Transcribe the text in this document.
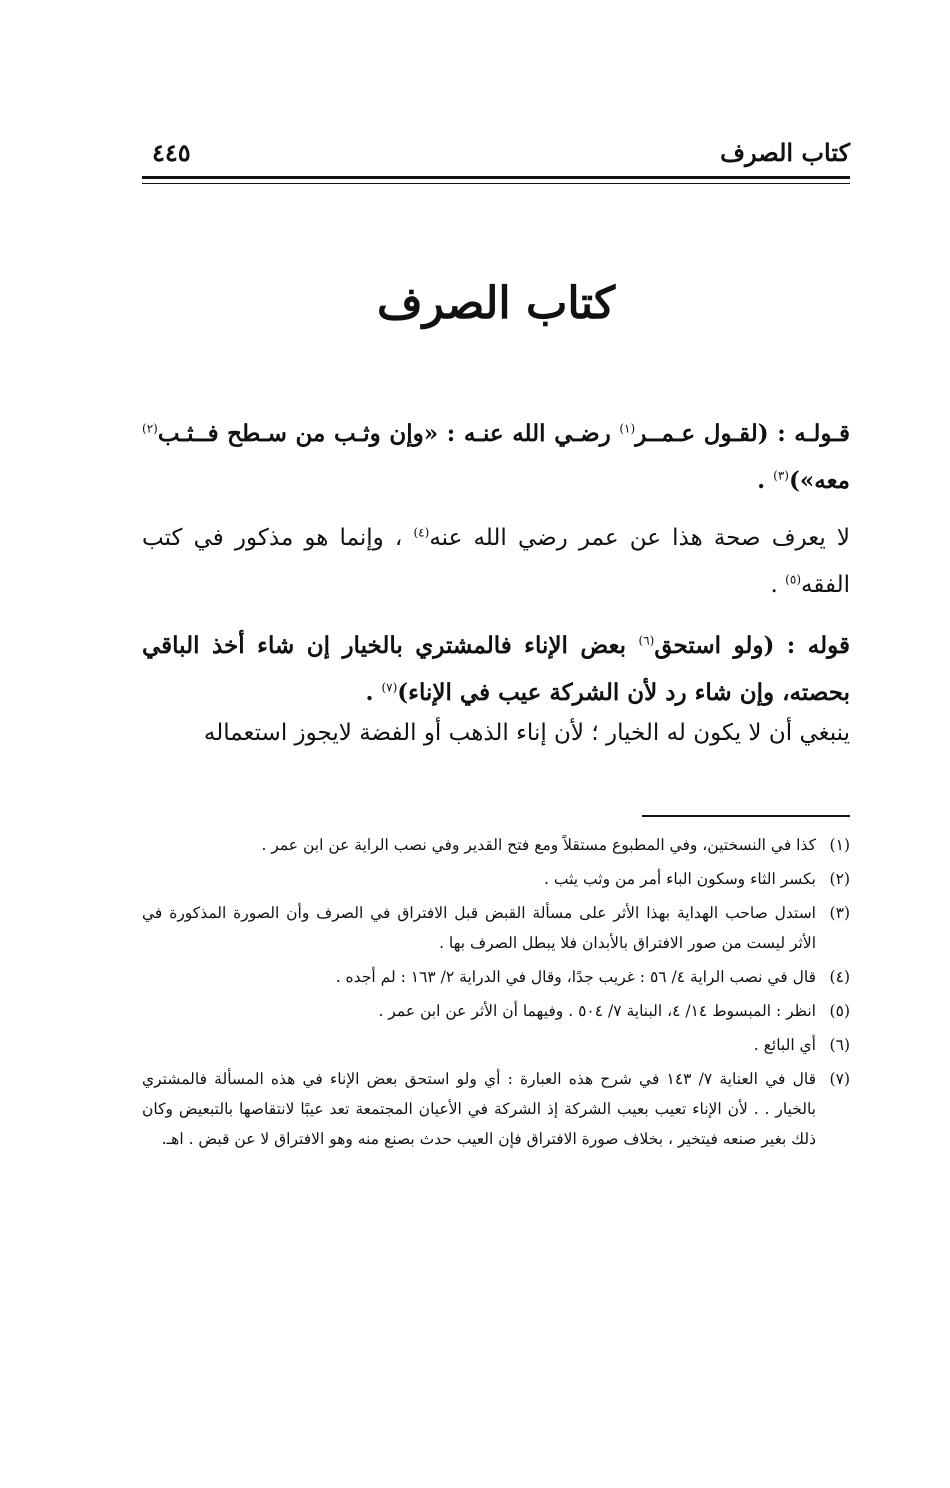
كتاب الصرف
٤٤٥
كتاب الصرف
قـولـه : (لقـول عـمــر$^{(١)}$ رضـي الله عنـه : «وإن وثـب من سـطح فــثـب$^{(٢)}$ معه»)$^{(٣)}$ .
لا يعرف صحة هذا عن عمر رضي الله عنه$^{(٤)}$ ، وإنما هو مذكور في كتب الفقه$^{(٥)}$ .
قوله : (ولو استحق$^{(٦)}$ بعض الإناء فالمشتري بالخيار إن شاء أخذ الباقي بحصته، وإن شاء رد لأن الشركة عيب في الإناء)$^{(٧)}$ .
ينبغي أن لا يكون له الخيار ؛ لأن إناء الذهب أو الفضة لايجوز استعماله
(١)
كذا في النسختين، وفي المطبوع مستقلاً ومع فتح القدير وفي نصب الراية عن ابن عمر .
(٢)
بكسر الثاء وسكون الباء أمر من وثب يثب .
(٣)
استدل صاحب الهداية بهذا الأثر على مسألة القبض قبل الافتراق في الصرف وأن الصورة المذكورة في الأثر ليست من صور الافتراق بالأبدان فلا يبطل الصرف بها .
(٤)
قال في نصب الراية ٤/ ٥٦ : غريب جدًا، وقال في الدراية ٢/ ١٦٣ : لم أجده .
(٥)
انظر : المبسوط ١٤/ ٤، البناية ٧/ ٥٠٤ . وفيهما أن الأثر عن ابن عمر .
(٦)
أي البائع .
(٧)
قال في العناية ٧/ ١٤٣ في شرح هذه العبارة : أي ولو استحق بعض الإناء في هذه المسألة فالمشتري بالخيار . . لأن الإناء تعيب بعيب الشركة إذ الشركة في الأعيان المجتمعة تعد عيبًا لانتقاصها بالتبعيض وكان ذلك بغير صنعه فيتخير ، بخلاف صورة الافتراق فإن العيب حدث بصنع منه وهو الافتراق لا عن قبض . اهـ.
